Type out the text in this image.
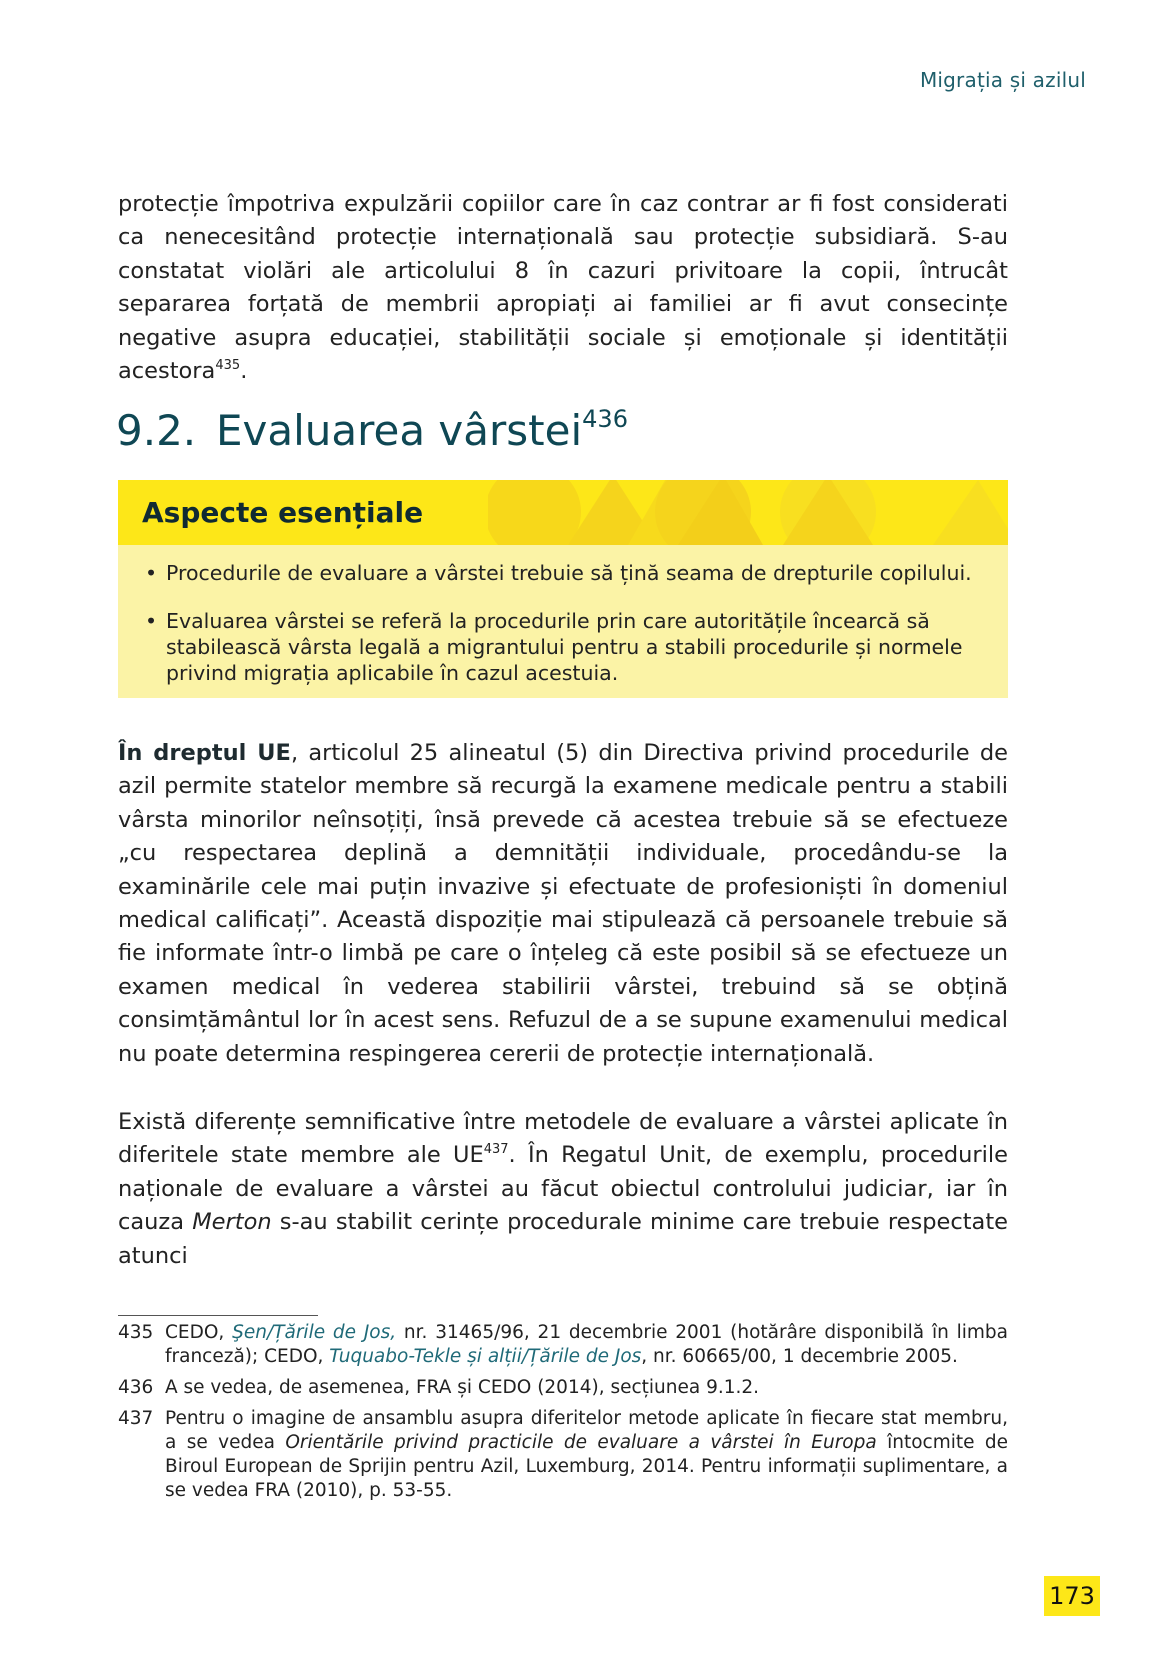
Migrația și azilul

protecție împotriva expulzării copiilor care în caz contrar ar fi fost considerati ca nenecesitând protecție internațională sau protecție subsidiară. S-au constatat violări ale articolului 8 în cazuri privitoare la copii, întrucât separarea forțată de membrii apropiați ai familiei ar fi avut consecințe negative asupra educației, stabilității sociale și emoționale și identității acestora$^{435}$.

9.2. Evaluarea vârstei$^{436}$
Aspecte esențiale
• Procedurile de evaluare a vârstei trebuie să țină seama de drepturile copilului.
• Evaluarea vârstei se referă la procedurile prin care autoritățile încearcă să stabilească vârsta legală a migrantului pentru a stabili procedurile și normele privind migrația aplicabile în cazul acestuia.

În dreptul UE, articolul 25 alineatul (5) din Directiva privind procedurile de azil permite statelor membre să recurgă la examene medicale pentru a stabili vârsta minorilor neînsoțiți, însă prevede că acestea trebuie să se efectueze „cu respectarea deplină a demnității individuale, procedându-se la examinările cele mai puțin invazive și efectuate de profesioniști în domeniul medical calificați”. Această dispoziție mai stipulează că persoanele trebuie să fie informate într-o limbă pe care o înțeleg că este posibil să se efectueze un examen medical în vederea stabilirii vârstei, trebuind să se obțină consimțământul lor în acest sens. Refuzul de a se supune examenului medical nu poate determina respingerea cererii de protecție internațională.

Există diferențe semnificative între metodele de evaluare a vârstei aplicate în diferitele state membre ale UE$^{437}$. În Regatul Unit, de exemplu, procedurile naționale de evaluare a vârstei au făcut obiectul controlului judiciar, iar în cauza Merton s-au stabilit cerințe procedurale minime care trebuie respectate atunci

435 CEDO, Şen/Țările de Jos, nr. 31465/96, 21 decembrie 2001 (hotărâre disponibilă în limba franceză); CEDO, Tuquabo-Tekle și alții/Țările de Jos, nr. 60665/00, 1 decembrie 2005.
436 A se vedea, de asemenea, FRA și CEDO (2014), secțiunea 9.1.2.
437 Pentru o imagine de ansamblu asupra diferitelor metode aplicate în fiecare stat membru, a se vedea Orientările privind practicile de evaluare a vârstei în Europa întocmite de Biroul European de Sprijin pentru Azil, Luxemburg, 2014. Pentru informații suplimentare, a se vedea FRA (2010), p. 53-55.
173
